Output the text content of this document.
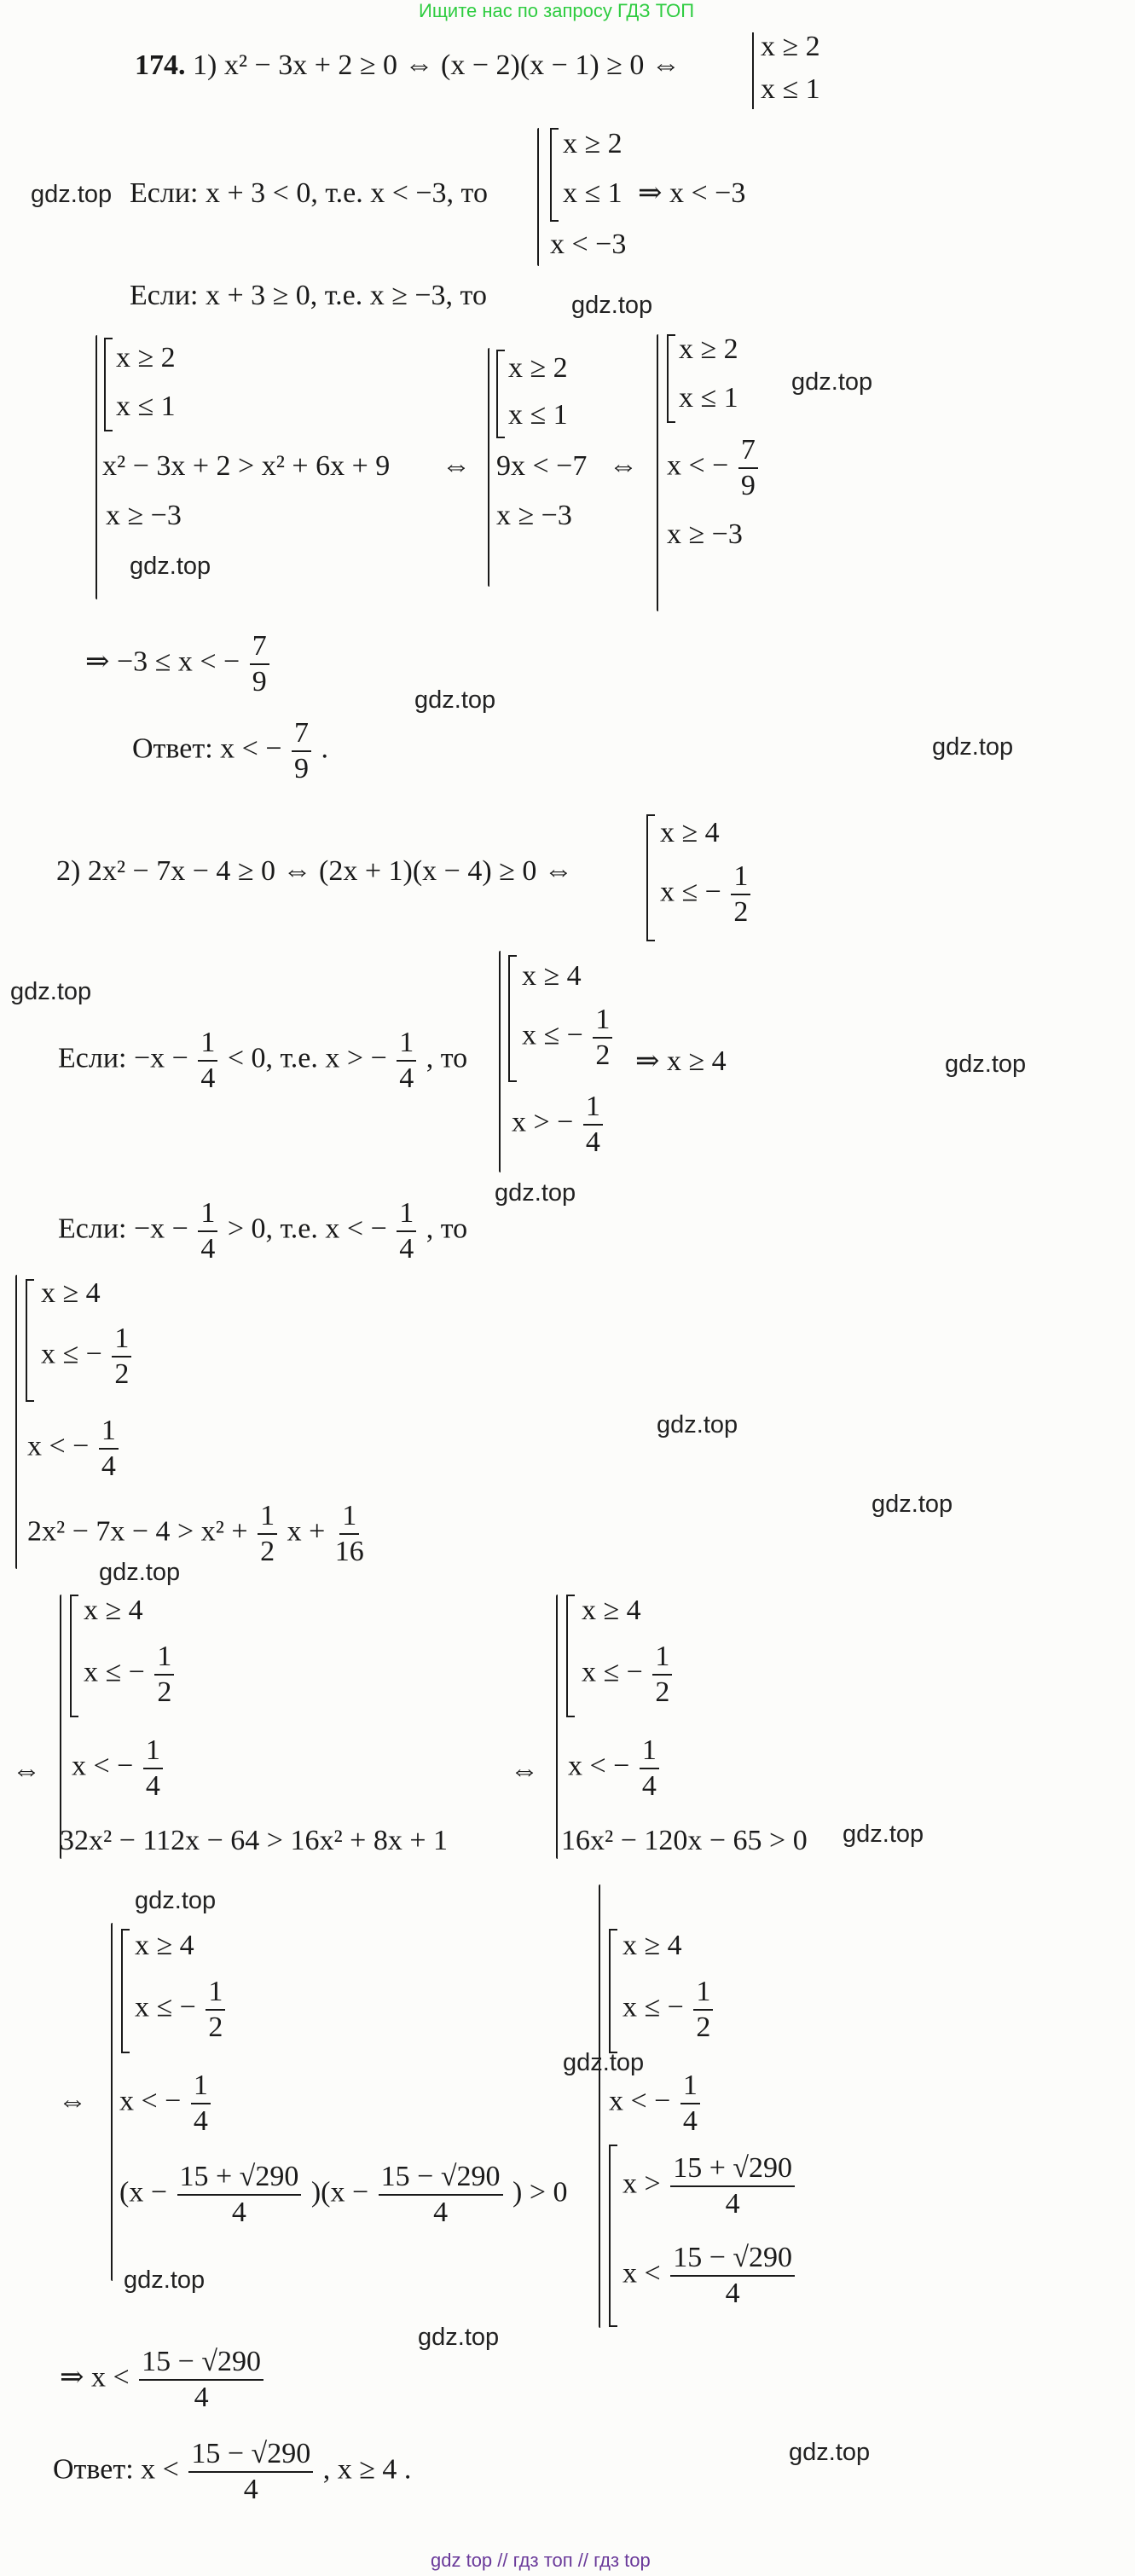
Ищите нас по запросу ГДЗ ТОП
174. 1) x² − 3x + 2 ≥ 0 ⇔ (x − 2)(x − 1) ≥ 0 ⇔
x ≥ 2
x ≤ 1
Если: x + 3 < 0, т.е. x < −3, то
x ≥ 2
x ≤ 1
x < −3
⇒ x < −3
Если: x + 3 ≥ 0, т.е. x ≥ −3, то
x ≥ 2
x ≤ 1
x² − 3x + 2 > x² + 6x + 9
x ≥ −3
⇔
x ≥ 2
x ≤ 1
9x < −7
x ≥ −3
⇔
x ≥ 2
x ≤ 1
x < − $\frac{7}{9}$
x ≥ −3
⇒ −3 ≤ x < − $\frac{7}{9}$
Ответ: x < − $\frac{7}{9}$ .
2) 2x² − 7x − 4 ≥ 0 ⇔ (2x + 1)(x − 4) ≥ 0 ⇔
x ≥ 4
x ≤ − $\frac{1}{2}$
Если: $-x - \frac{1}{4} < 0$, т.е. x > − $\frac{1}{4}$ , то
x ≥ 4
x ≤ − $\frac{1}{2}$
x > − $\frac{1}{4}$
⇒ x ≥ 4
Если: $-x - \frac{1}{4} > 0$, т.е. x < − $\frac{1}{4}$ , то
x ≥ 4
x ≤ − $\frac{1}{2}$
x < − $\frac{1}{4}$
$2x^2 - 7x - 4 > x^2 + \frac{1}{2}$ $x + \frac{1}{16}$
⇔
x ≥ 4
x ≤ − $\frac{1}{2}$
x < − $\frac{1}{4}$
32x² − 112x − 64 > 16x² + 8x + 1
⇔
x ≥ 4
x ≤ − $\frac{1}{2}$
x < − $\frac{1}{4}$
16x² − 120x − 65 > 0
⇔
x ≥ 4
x ≤ − $\frac{1}{2}$
x < − $\frac{1}{4}$
$(x - \frac{15 + √290}{4} )(x - \frac{15 - √290}{4}$ ) > 0
x ≥ 4
x ≤ − $\frac{1}{2}$
x < − $\frac{1}{4}$
$x > \frac{15 + √290}{4}$
$x < \frac{15 - √290}{4}$
⇒ $x < \frac{15 - √290}{4}$
Ответ: $x < \frac{15 - √290}{4}$ , x ≥ 4 .
gdz.top
gdz.top
gdz.top
gdz.top
gdz.top
gdz.top
gdz.top
gdz.top
gdz.top
gdz.top
gdz.top
gdz.top
gdz.top
gdz.top
gdz.top
gdz.top
gdz.top
gdz.top
gdz top // гдз топ // гдз top
